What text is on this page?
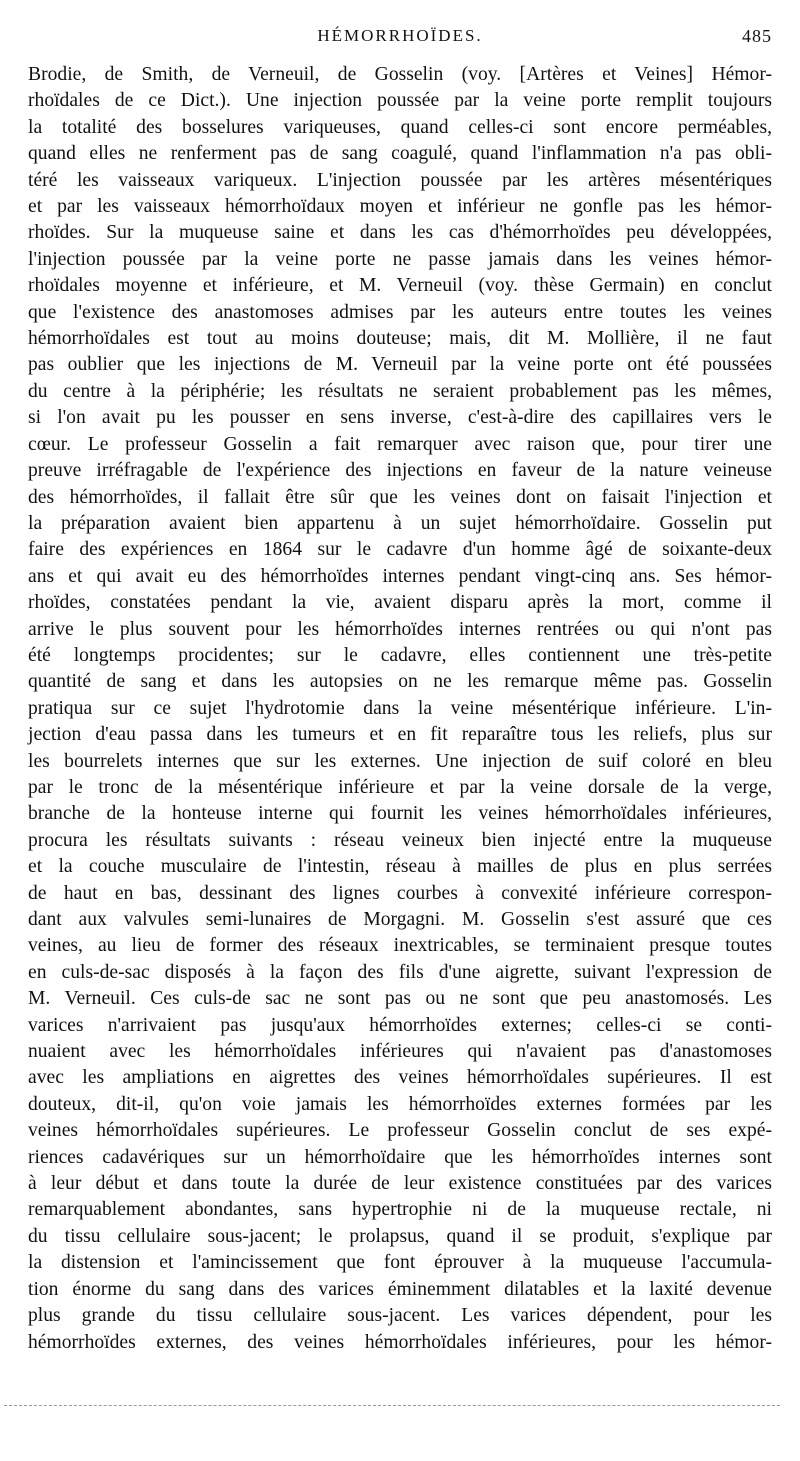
HÉMORRHOÏDES.	485
Brodie, de Smith, de Verneuil, de Gosselin (voy. [Artères et Veines] Hémor-
rhoïdales de ce Dict.). Une injection poussée par la veine porte remplit toujours
la totalité des bosselures variqueuses, quand celles-ci sont encore perméables,
quand elles ne renferment pas de sang coagulé, quand l'inflammation n'a pas obli-
téré les vaisseaux variqueux. L'injection poussée par les artères mésentériques
et par les vaisseaux hémorrhoïdaux moyen et inférieur ne gonfle pas les hémor-
rhoïdes. Sur la muqueuse saine et dans les cas d'hémorrhoïdes peu développées,
l'injection poussée par la veine porte ne passe jamais dans les veines hémor-
rhoïdales moyenne et inférieure, et M. Verneuil (voy. thèse Germain) en conclut
que l'existence des anastomoses admises par les auteurs entre toutes les veines
hémorrhoïdales est tout au moins douteuse; mais, dit M. Mollière, il ne faut
pas oublier que les injections de M. Verneuil par la veine porte ont été poussées
du centre à la périphérie; les résultats ne seraient probablement pas les mêmes,
si l'on avait pu les pousser en sens inverse, c'est-à-dire des capillaires vers le
cœur. Le professeur Gosselin a fait remarquer avec raison que, pour tirer une
preuve irréfragable de l'expérience des injections en faveur de la nature veineuse
des hémorrhoïdes, il fallait être sûr que les veines dont on faisait l'injection et
la préparation avaient bien appartenu à un sujet hémorrhoïdaire. Gosselin put
faire des expériences en 1864 sur le cadavre d'un homme âgé de soixante-deux
ans et qui avait eu des hémorrhoïdes internes pendant vingt-cinq ans. Ses hémor-
rhoïdes, constatées pendant la vie, avaient disparu après la mort, comme il
arrive le plus souvent pour les hémorrhoïdes internes rentrées ou qui n'ont pas
été longtemps procidentes; sur le cadavre, elles contiennent une très-petite
quantité de sang et dans les autopsies on ne les remarque même pas. Gosselin
pratiqua sur ce sujet l'hydrotomie dans la veine mésentérique inférieure. L'in-
jection d'eau passa dans les tumeurs et en fit reparaître tous les reliefs, plus sur
les bourrelets internes que sur les externes. Une injection de suif coloré en bleu
par le tronc de la mésentérique inférieure et par la veine dorsale de la verge,
branche de la honteuse interne qui fournit les veines hémorrhoïdales inférieures,
procura les résultats suivants : réseau veineux bien injecté entre la muqueuse
et la couche musculaire de l'intestin, réseau à mailles de plus en plus serrées
de haut en bas, dessinant des lignes courbes à convexité inférieure correspon-
dant aux valvules semi-lunaires de Morgagni. M. Gosselin s'est assuré que ces
veines, au lieu de former des réseaux inextricables, se terminaient presque toutes
en culs-de-sac disposés à la façon des fils d'une aigrette, suivant l'expression de
M. Verneuil. Ces culs-de sac ne sont pas ou ne sont que peu anastomosés. Les
varices n'arrivaient pas jusqu'aux hémorrhoïdes externes; celles-ci se conti-
nuaient avec les hémorrhoïdales inférieures qui n'avaient pas d'anastomoses
avec les ampliations en aigrettes des veines hémorrhoïdales supérieures. Il est
douteux, dit-il, qu'on voie jamais les hémorrhoïdes externes formées par les
veines hémorrhoïdales supérieures. Le professeur Gosselin conclut de ses expé-
riences cadavériques sur un hémorrhoïdaire que les hémorrhoïdes internes sont
à leur début et dans toute la durée de leur existence constituées par des varices
remarquablement abondantes, sans hypertrophie ni de la muqueuse rectale, ni
du tissu cellulaire sous-jacent; le prolapsus, quand il se produit, s'explique par
la distension et l'amincissement que font éprouver à la muqueuse l'accumula-
tion énorme du sang dans des varices éminemment dilatables et la laxité devenue
plus grande du tissu cellulaire sous-jacent. Les varices dépendent, pour les
hémorrhoïdes externes, des veines hémorrhoïdales inférieures, pour les hémor-
